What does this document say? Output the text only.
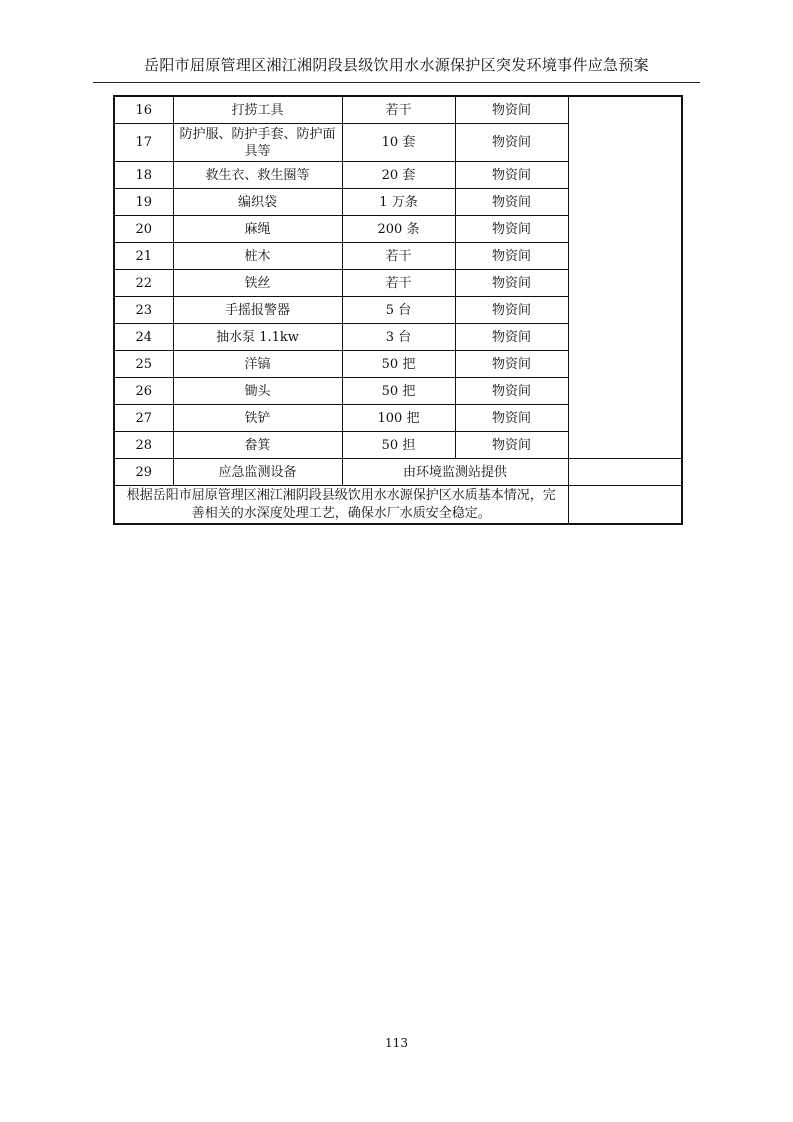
岳阳市屈原管理区湘江湘阴段县级饮用水水源保护区突发环境事件应急预案
16	打捞工具	若干	物资间	
17	防护服、防护手套、防护面具等	10 套	物资间	
18	救生衣、救生圈等	20 套	物资间	
19	编织袋	1 万条	物资间	
20	麻绳	200 条	物资间	
21	桩木	若干	物资间	
22	铁丝	若干	物资间	
23	手摇报警器	5 台	物资间	
24	抽水泵 1.1kw	3 台	物资间	
25	洋镐	50 把	物资间	
26	锄头	50 把	物资间	
27	铁铲	100 把	物资间	
28	畚箕	50 担	物资间	
29	应急监测设备	由环境监测站提供		

根据岳阳市屈原管理区湘江湘阴段县级饮用水水源保护区水质基本情况，完善相关的水深度处理工艺，确保水厂水质安全稳定。				

113
